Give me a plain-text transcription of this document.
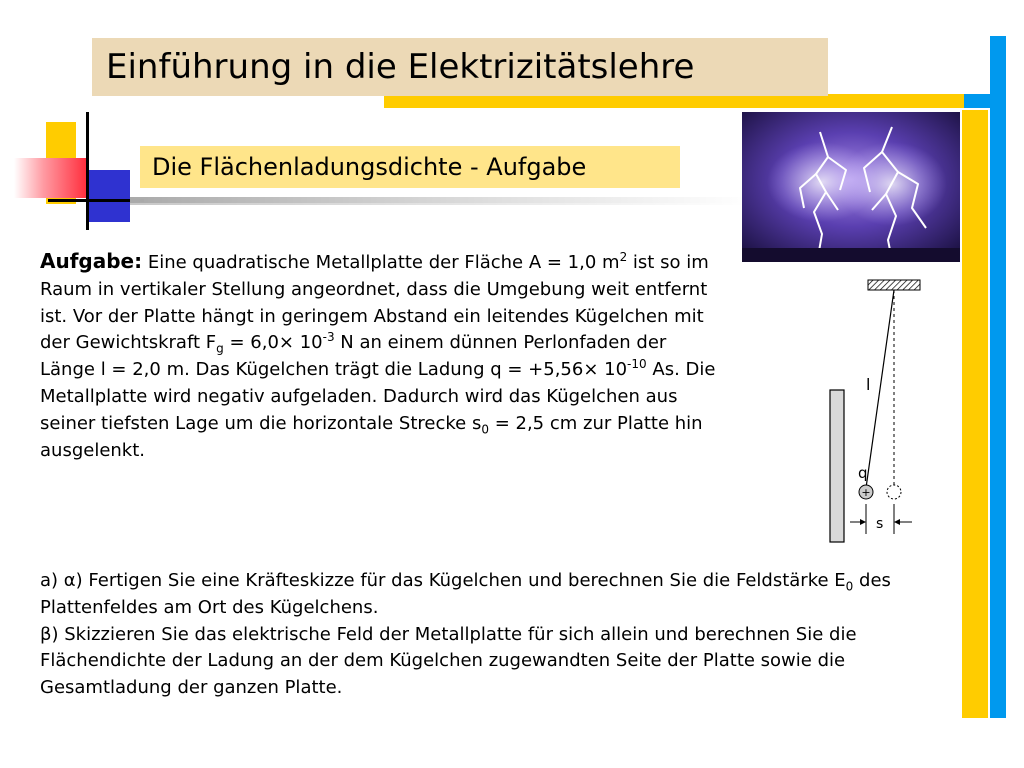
Einführung in die Elektrizitätslehre
Die Flächenladungsdichte - Aufgabe
Aufgabe: Eine quadratische Metallplatte der Fläche A = 1,0 $m^2$ ist so im Raum in vertikaler Stellung angeordnet, dass die Umgebung weit entfernt ist. Vor der Platte hängt in geringem Abstand ein leitendes Kügelchen mit der Gewichtskraft $F_g = 6,0\times 10^{-3}$ N an einem dünnen Perlonfaden der Länge l = 2,0 m. Das Kügelchen trägt die Ladung $q = +5,56\times 10^{-10}$ As. Die Metallplatte wird negativ aufgeladen. Dadurch wird das Kügelchen aus seiner tiefsten Lage um die horizontale Strecke $s_0 = 2,5$ cm zur Platte hin ausgelenkt.
l
q
+
s
a) α) Fertigen Sie eine Kräfteskizze für das Kügelchen und berechnen Sie die Feldstärke $E_0$ des Plattenfeldes am Ort des Kügelchens.
β) Skizzieren Sie das elektrische Feld der Metallplatte für sich allein und berechnen Sie die Flächendichte der Ladung an der dem Kügelchen zugewandten Seite der Platte sowie die Gesamtladung der ganzen Platte.
